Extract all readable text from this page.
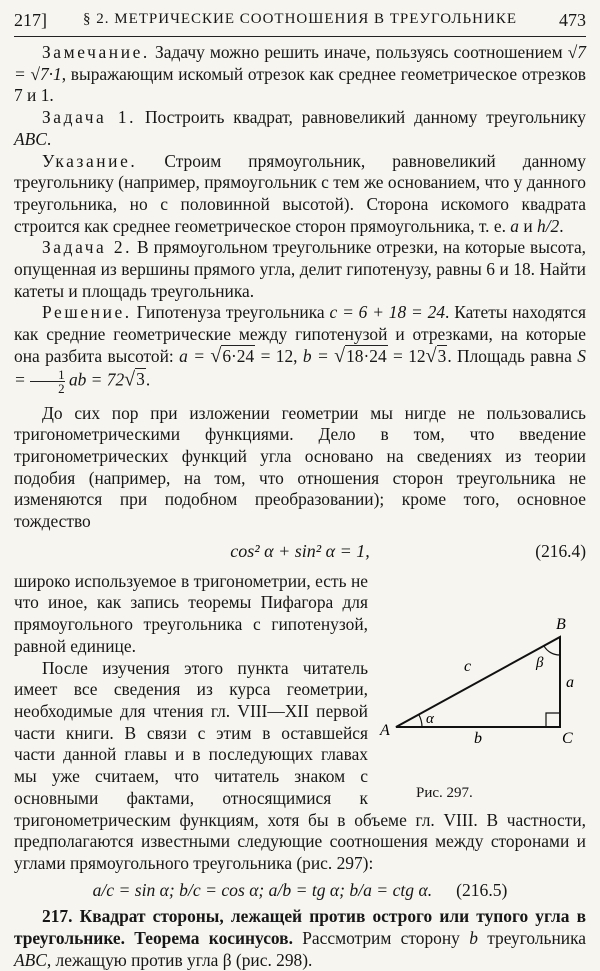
217]	§ 2. МЕТРИЧЕСКИЕ СООТНОШЕНИЯ В ТРЕУГОЛЬНИКЕ	473

Замечание. Задачу можно решить иначе, пользуясь соотношением √7 = √7·1, выражающим искомый отрезок как среднее геометрическое отрезков 7 и 1.

Задача 1. Построить квадрат, равновеликий данному треугольнику ABC.

Указание. Строим прямоугольник, равновеликий данному треугольнику (например, прямоугольник с тем же основанием, что у данного треугольника, но с половинной высотой). Сторона искомого квадрата строится как среднее геометрическое сторон прямоугольника, т. е. a и h/2.

Задача 2. В прямоугольном треугольнике отрезки, на которые высота, опущенная из вершины прямого угла, делит гипотенузу, равны 6 и 18. Найти катеты и площадь треугольника.

Решение. Гипотенуза треугольника c = 6 + 18 = 24. Катеты находятся как средние геометрические между гипотенузой и отрезками, на которые она разбита высотой: a = √6·24 = 12, b = √18·24 = 12√3. Площадь равна $S = \frac{1}{2}$ ab = 72√3.

До сих пор при изложении геометрии мы нигде не пользовались тригонометрическими функциями. Дело в том, что введение тригонометрических функций угла основано на сведениях из теории подобия (например, на том, что отношения сторон треугольника не изменяются при подобном преобразовании); кроме того, основное тождество

cos² α + sin² α = 1,	(216.4)
A
B
C
a
b
c
α
β
Рис. 297.

широко используемое в тригонометрии, есть не что иное, как запись теоремы Пифагора для прямоугольного треугольника с гипотенузой, равной единице.

После изучения этого пункта читатель имеет все сведения из курса геометрии, необходимые для чтения гл. VIII—XII первой части книги. В связи с этим в оставшейся части данной главы и в последующих главах мы уже считаем, что читатель знаком с основными фактами, относящимися к тригонометрическим функциям, хотя бы в объеме гл. VIII. В частности, предполагаются известными следующие соотношения между сторонами и углами прямоугольного треугольника (рис. 297):

a/c = sin α; b/c = cos α; a/b = tg α; b/a = ctg α. (216.5)

217. Квадрат стороны, лежащей против острого или тупого угла в треугольнике. Теорема косинусов. Рассмотрим сторону b треугольника ABC, лежащую против угла β (рис. 298).
